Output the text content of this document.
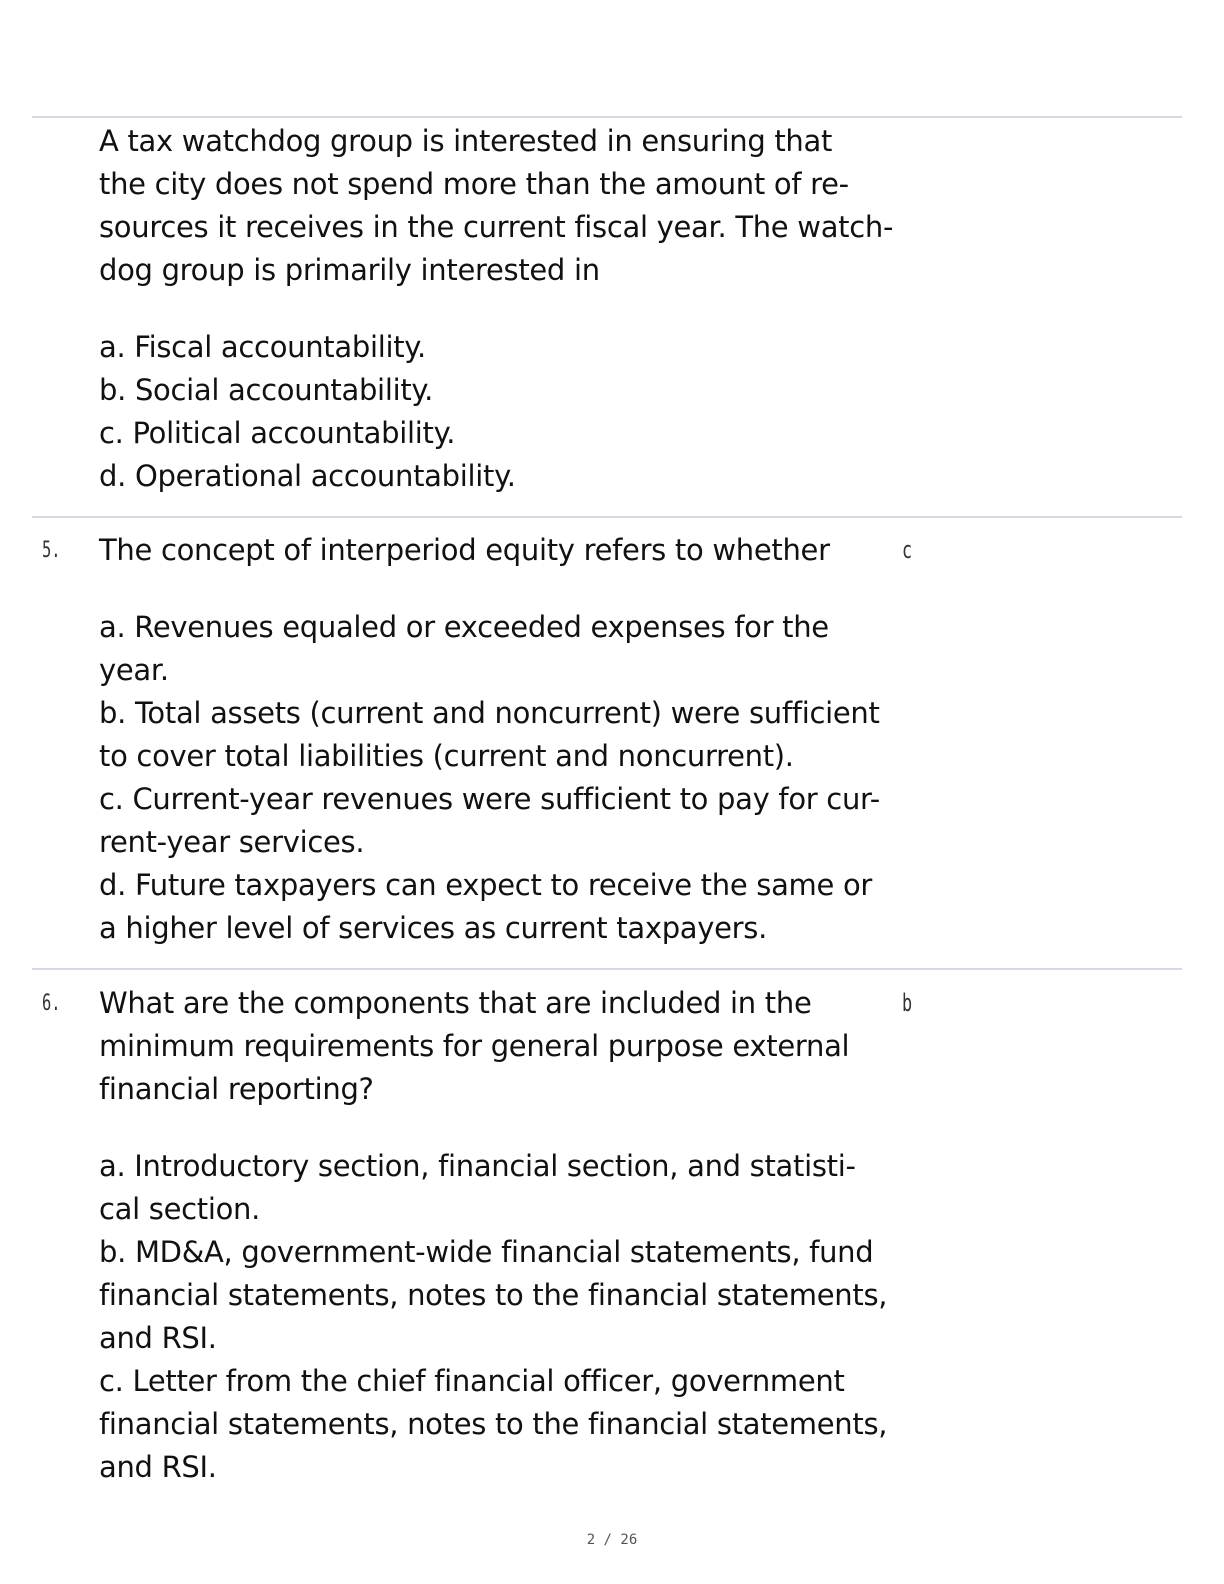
A tax watchdog group is interested in ensuring that

the city does not spend more than the amount of re-

sources it receives in the current fiscal year. The watch-

dog group is primarily interested in

a. Fiscal accountability.

b. Social accountability.

c. Political accountability.

d. Operational accountability.

5.	c

The concept of interperiod equity refers to whether

a. Revenues equaled or exceeded expenses for the

year.

b. Total assets (current and noncurrent) were sufficient

to cover total liabilities (current and noncurrent).

c. Current-year revenues were sufficient to pay for cur-

rent-year services.

d. Future taxpayers can expect to receive the same or

a higher level of services as current taxpayers.

6.	b

What are the components that are included in the

minimum requirements for general purpose external

financial reporting?

a. Introductory section, financial section, and statisti-

cal section.

b. MD&A, government-wide financial statements, fund

financial statements, notes to the financial statements,

and RSI.

c. Letter from the chief financial officer, government

financial statements, notes to the financial statements,

and RSI.

2 / 26
